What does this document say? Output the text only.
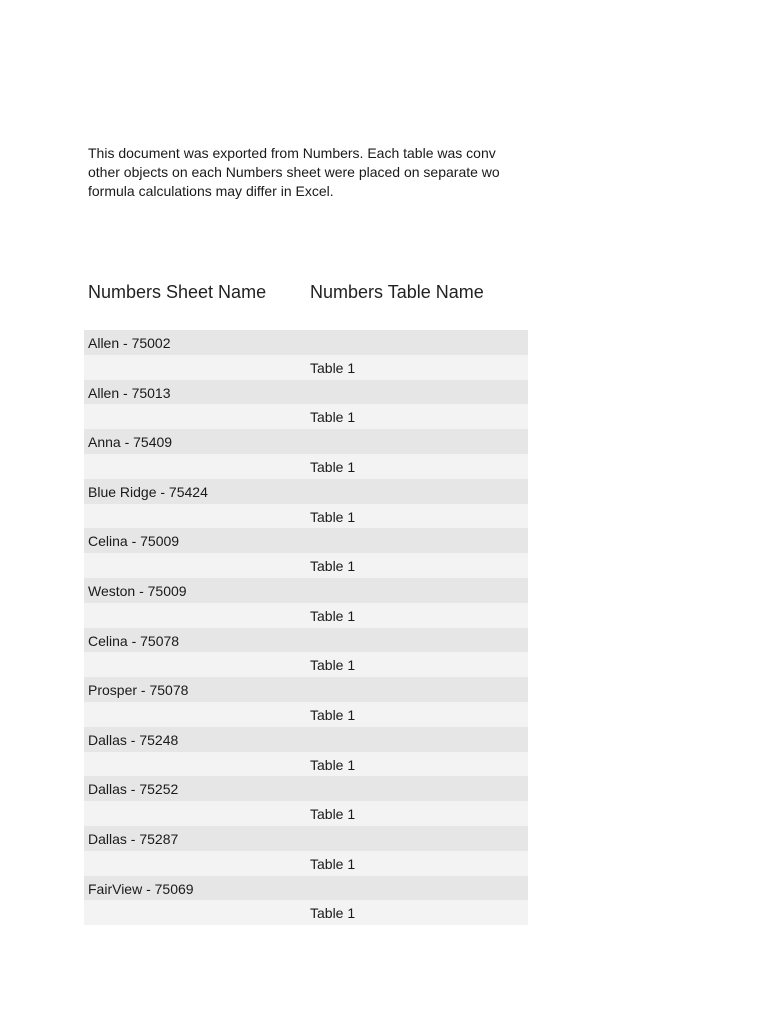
This document was exported from Numbers. Each table was conv
other objects on each Numbers sheet were placed on separate wo
formula calculations may differ in Excel.
Numbers Sheet Name Numbers Table Name
Allen - 75002
Table 1
Allen - 75013
Table 1
Anna - 75409
Table 1
Blue Ridge - 75424
Table 1
Celina - 75009
Table 1
Weston - 75009
Table 1
Celina - 75078
Table 1
Prosper - 75078
Table 1
Dallas - 75248
Table 1
Dallas - 75252
Table 1
Dallas - 75287
Table 1
FairView - 75069
Table 1
